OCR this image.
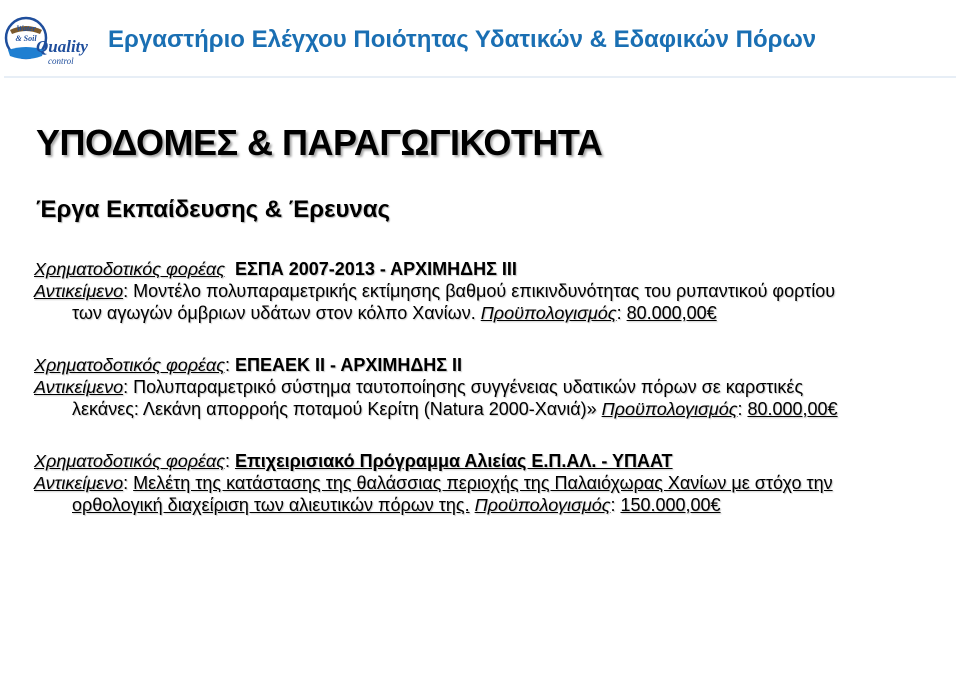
Water
& Soil Quality
control
Εργαστήριο Ελέγχου Ποιότητας Υδατικών & Εδαφικών Πόρων
ΥΠΟΔΟΜΕΣ & ΠΑΡΑΓΩΓΙΚΟΤΗΤΑ
Έργα Εκπαίδευσης & Έρευνας
Χρηματοδοτικός φορέας ΕΣΠΑ 2007-2013 - ΑΡΧΙΜΗΔΗΣ ΙΙΙ
Αντικείμενο: Μοντέλο πολυπαραμετρικής εκτίμησης βαθμού επικινδυνότητας του ρυπαντικού φορτίου
των αγωγών όμβριων υδάτων στον κόλπο Χανίων. Προϋπολογισμός: 80.000,00€
Χρηματοδοτικός φορέας: ΕΠΕΑΕΚ ΙΙ - ΑΡΧΙΜΗΔΗΣ ΙΙ
Αντικείμενο: Πολυπαραμετρικό σύστημα ταυτοποίησης συγγένειας υδατικών πόρων σε καρστικές
λεκάνες: Λεκάνη απορροής ποταμού Κερίτη (Natura 2000-Χανιά)» Προϋπολογισμός: 80.000,00€
Χρηματοδοτικός φορέας: Επιχειρισιακό Πρόγραμμα Αλιείας Ε.Π.ΑΛ. - ΥΠΑΑΤ
Αντικείμενο: Μελέτη της κατάστασης της θαλάσσιας περιοχής της Παλαιόχωρας Χανίων με στόχο την
ορθολογική διαχείριση των αλιευτικών πόρων της. Προϋπολογισμός: 150.000,00€
